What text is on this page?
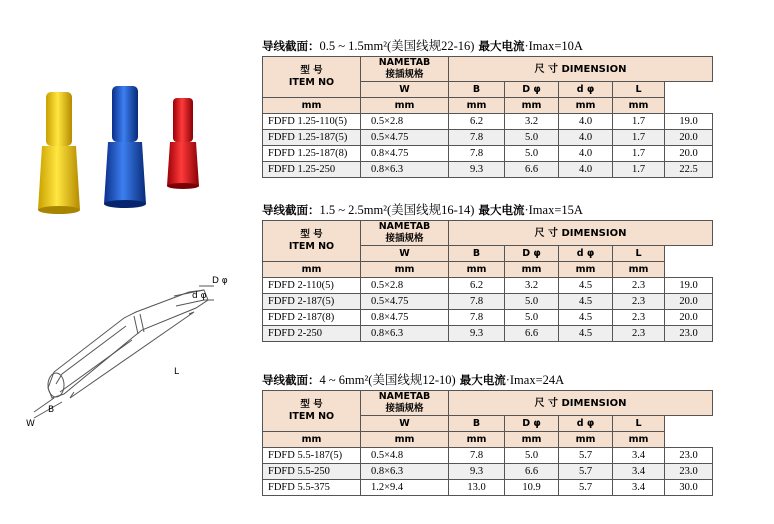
D φ
d φ
L
W
B
导线截面：0.5 ~ 1.5mm²(美国线规22-16) 最大电流·Imax=10A
型 号
ITEM NO	NAMETAB
接插规格	尺 寸 DIMENSION				
	W	B	D φ	d φ	L	
mm	mm	mm	mm	mm	mm	
FDFD 1.25-110(5)	0.5×2.8	6.2	3.2	4.0	1.7	19.0
FDFD 1.25-187(5)	0.5×4.75	7.8	5.0	4.0	1.7	20.0
FDFD 1.25-187(8)	0.8×4.75	7.8	5.0	4.0	1.7	20.0
FDFD 1.25-250	0.8×6.3	9.3	6.6	4.0	1.7	22.5
导线截面：1.5 ~ 2.5mm²(美国线规16-14) 最大电流·Imax=15A
型 号
ITEM NO	NAMETAB
接插规格	尺 寸 DIMENSION				
	W	B	D φ	d φ	L	
mm	mm	mm	mm	mm	mm	
FDFD 2-110(5)	0.5×2.8	6.2	3.2	4.5	2.3	19.0
FDFD 2-187(5)	0.5×4.75	7.8	5.0	4.5	2.3	20.0
FDFD 2-187(8)	0.8×4.75	7.8	5.0	4.5	2.3	20.0
FDFD 2-250	0.8×6.3	9.3	6.6	4.5	2.3	23.0
导线截面：4 ~ 6mm²(美国线规12-10) 最大电流·Imax=24A
型 号
ITEM NO	NAMETAB
接插规格	尺 寸 DIMENSION				
	W	B	D φ	d φ	L	
mm	mm	mm	mm	mm	mm	
FDFD 5.5-187(5)	0.5×4.8	7.8	5.0	5.7	3.4	23.0
FDFD 5.5-250	0.8×6.3	9.3	6.6	5.7	3.4	23.0
FDFD 5.5-375	1.2×9.4	13.0	10.9	5.7	3.4	30.0
